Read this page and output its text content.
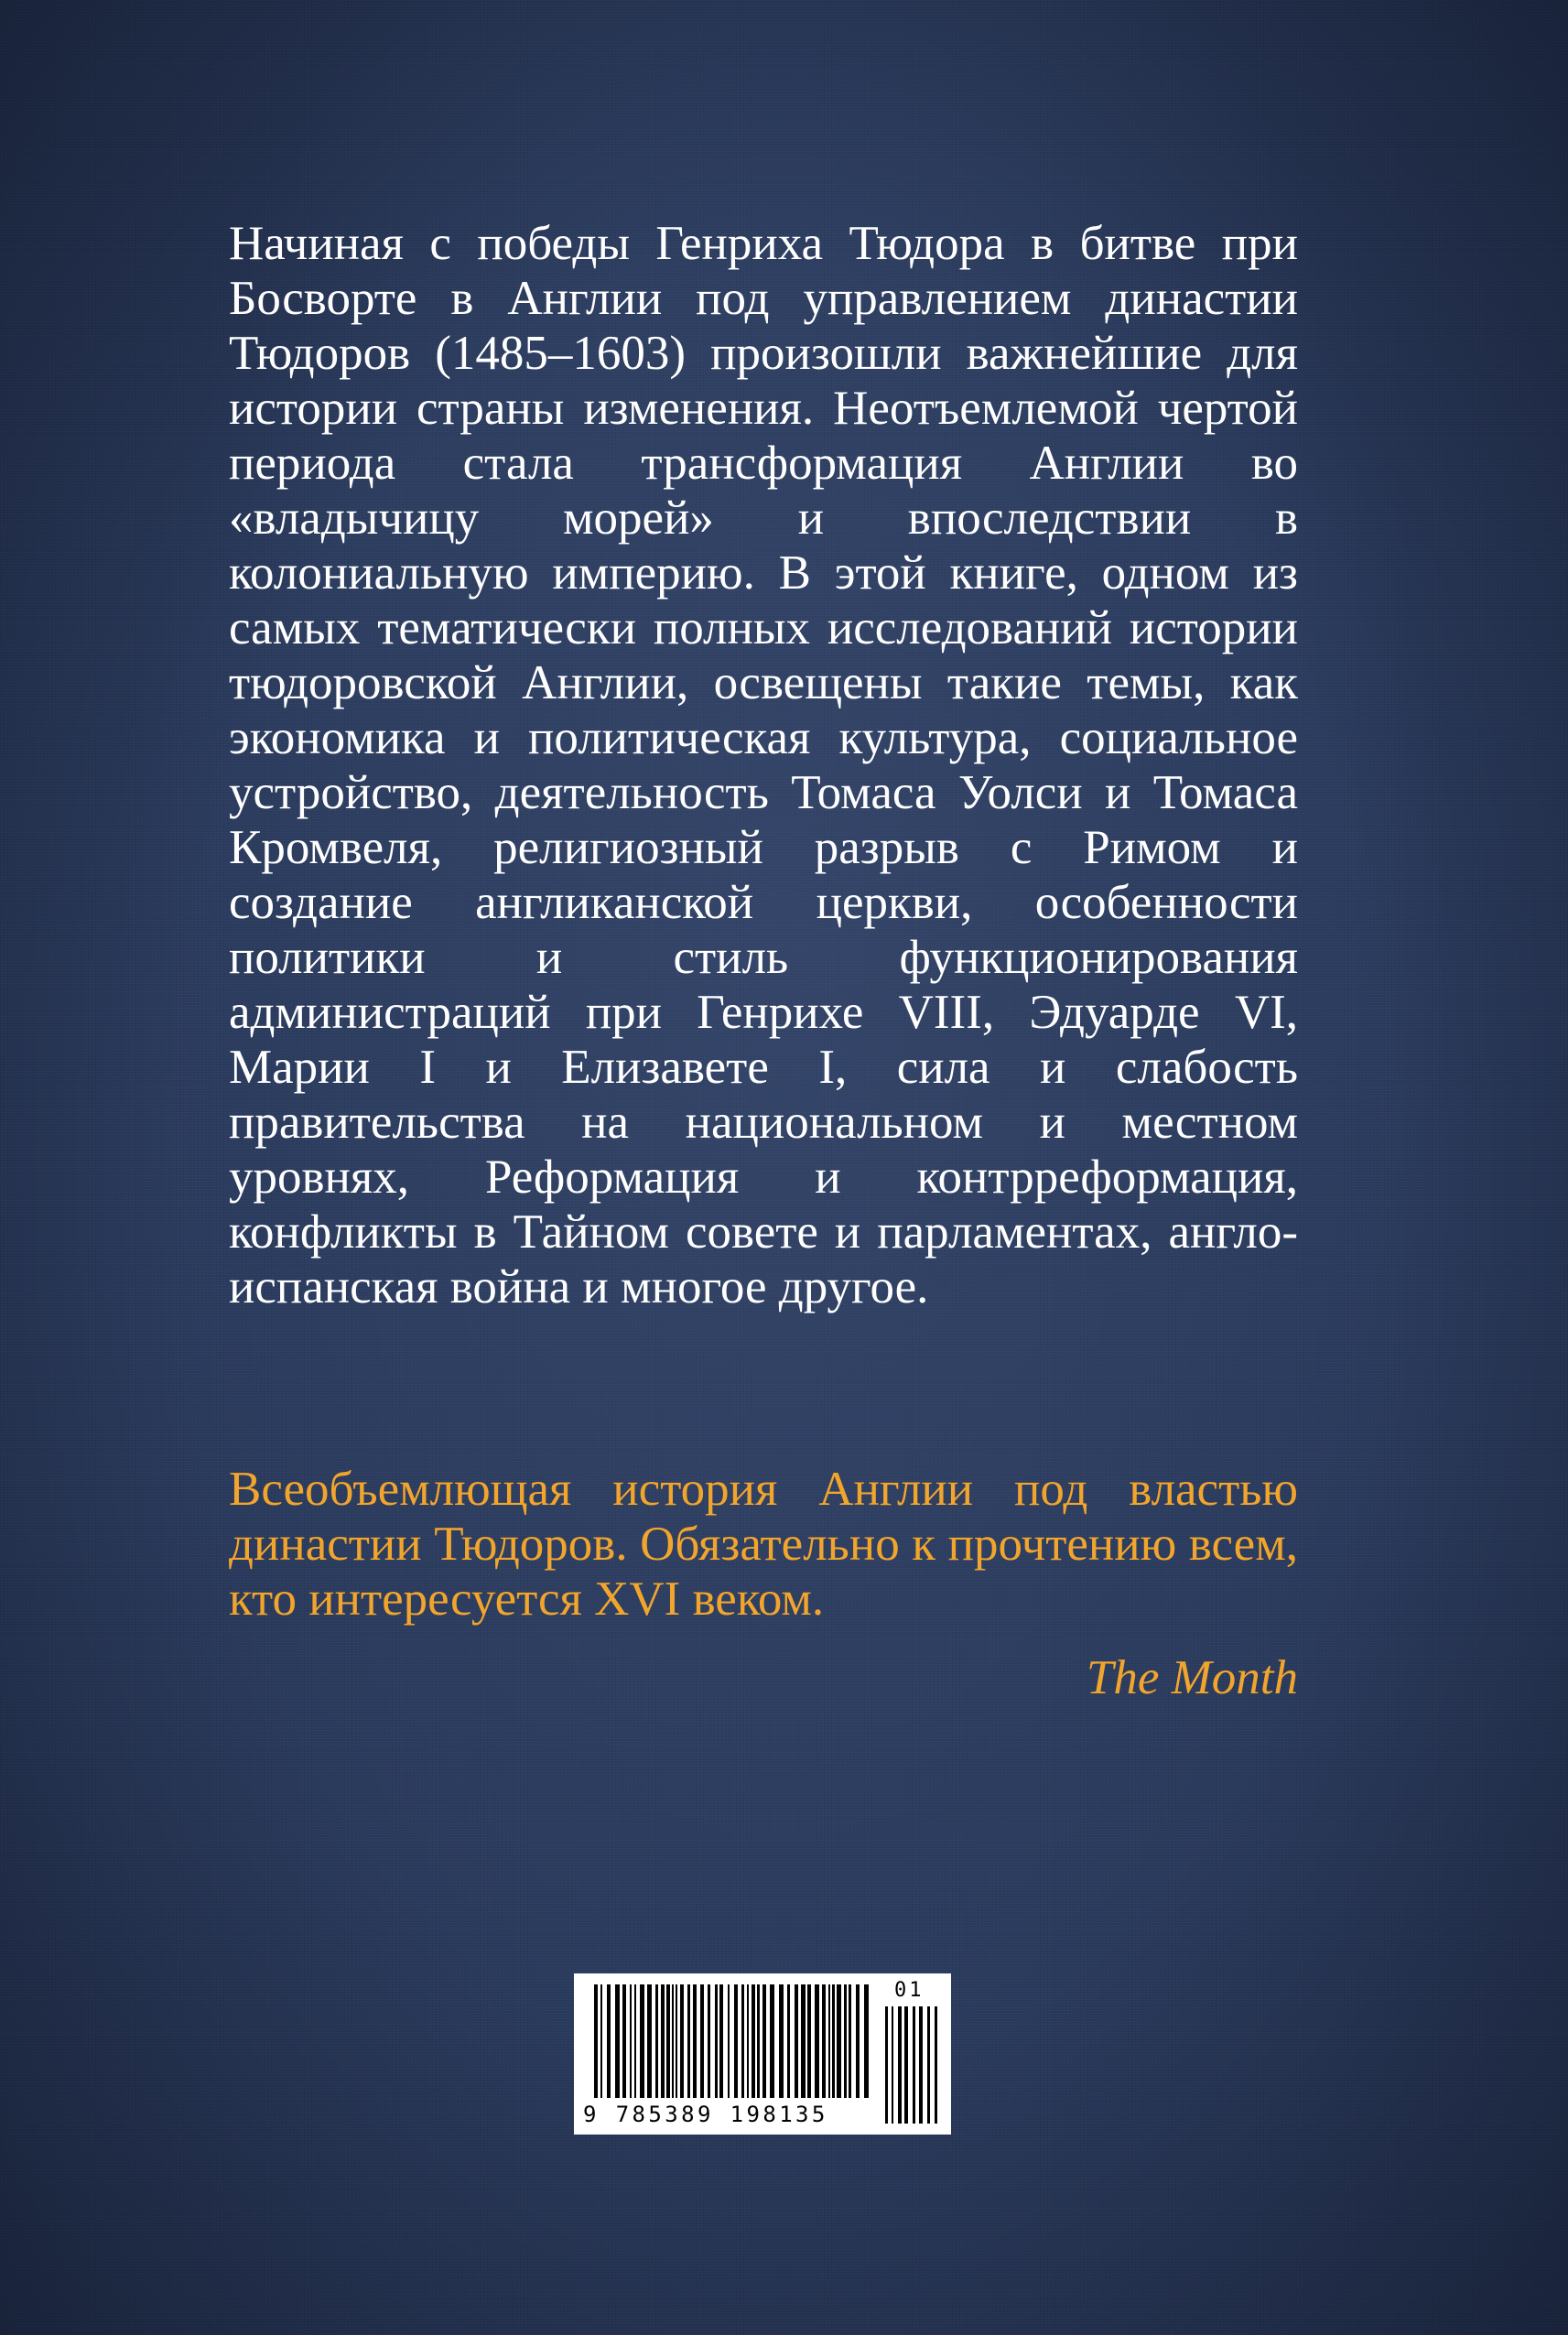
Начиная с победы Генриха Тюдора в битве при Босворте в Англии под управлением династии Тюдоров (1485–1603) произошли важнейшие для истории страны изменения. Неотъемлемой чертой периода стала трансформация Англии во «владычицу морей» и впоследствии в колониальную империю. В этой книге, одном из самых тематически полных исследований истории тюдоровской Англии, освещены такие темы, как экономика и политическая культура, социальное устройство, деятельность Томаса Уолси и Томаса Кромвеля, религиозный разрыв с Римом и создание англиканской церкви, особенности политики и стиль функционирования администраций при Генрихе VIII, Эдуарде VI, Марии I и Елизавете I, сила и слабость правительства на национальном и местном уровнях, Реформация и контрреформация, конфликты в Тайном совете и парламентах, англо-испанская война и многое другое.

Всеобъемлющая история Англии под властью династии Тюдоров. Обязательно к прочтению всем, кто интересуется XVI веком.

The Month

9 785389 198135
01
